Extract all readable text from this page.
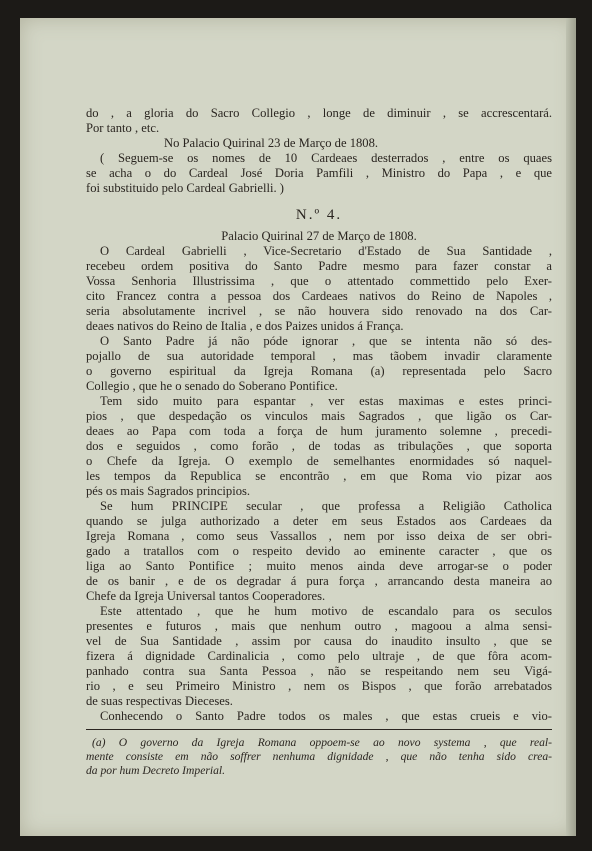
do , a gloria do Sacro Collegio , longe de diminuir , se accrescentará.
Por tanto , etc.
No Palacio Quirinal 23 de Março de 1808.
( Seguem-se os nomes de 10 Cardeaes desterrados , entre os quaes
se acha o do Cardeal José Doria Pamfili , Ministro do Papa , e que
foi substituido pelo Cardeal Gabrielli. )
N.º 4.
Palacio Quirinal 27 de Março de 1808.
O Cardeal Gabrielli , Vice-Secretario d'Estado de Sua Santidade ,
recebeu ordem positiva do Santo Padre mesmo para fazer constar a
Vossa Senhoria Illustrissima , que o attentado commettido pelo Exer-
cito Francez contra a pessoa dos Cardeaes nativos do Reino de Napoles ,
seria absolutamente incrivel , se não houvera sido renovado na dos Car-
deaes nativos do Reino de Italia , e dos Paizes unidos á França.
O Santo Padre já não póde ignorar , que se intenta não só des-
pojallo de sua autoridade temporal , mas tãobem invadir claramente
o governo espiritual da Igreja Romana (a) representada pelo Sacro
Collegio , que he o senado do Soberano Pontifice.
Tem sido muito para espantar , ver estas maximas e estes princi-
pios , que despedação os vinculos mais Sagrados , que ligão os Car-
deaes ao Papa com toda a força de hum juramento solemne , precedi-
dos e seguidos , como forão , de todas as tribulações , que soporta
o Chefe da Igreja. O exemplo de semelhantes enormidades só naquel-
les tempos da Republica se encontrão , em que Roma vio pizar aos
pés os mais Sagrados principios.
Se hum PRINCIPE secular , que professa a Religião Catholica
quando se julga authorizado a deter em seus Estados aos Cardeaes da
Igreja Romana , como seus Vassallos , nem por isso deixa de ser obri-
gado a tratallos com o respeito devido ao eminente caracter , que os
liga ao Santo Pontifice ; muito menos ainda deve arrogar-se o poder
de os banir , e de os degradar á pura força , arrancando desta maneira ao
Chefe da Igreja Universal tantos Cooperadores.
Este attentado , que he hum motivo de escandalo para os seculos
presentes e futuros , mais que nenhum outro , magoou a alma sensi-
vel de Sua Santidade , assim por causa do inaudito insulto , que se
fizera á dignidade Cardinalicia , como pelo ultraje , de que fôra acom-
panhado contra sua Santa Pessoa , não se respeitando nem seu Vigá-
rio , e seu Primeiro Ministro , nem os Bispos , que forão arrebatados
de suas respectivas Dieceses.
Conhecendo o Santo Padre todos os males , que estas crueis e vio-
(a) O governo da Igreja Romana oppoem-se ao novo systema , que real-
mente consiste em não soffrer nenhuma dignidade , que não tenha sido crea-
da por hum Decreto Imperial.
